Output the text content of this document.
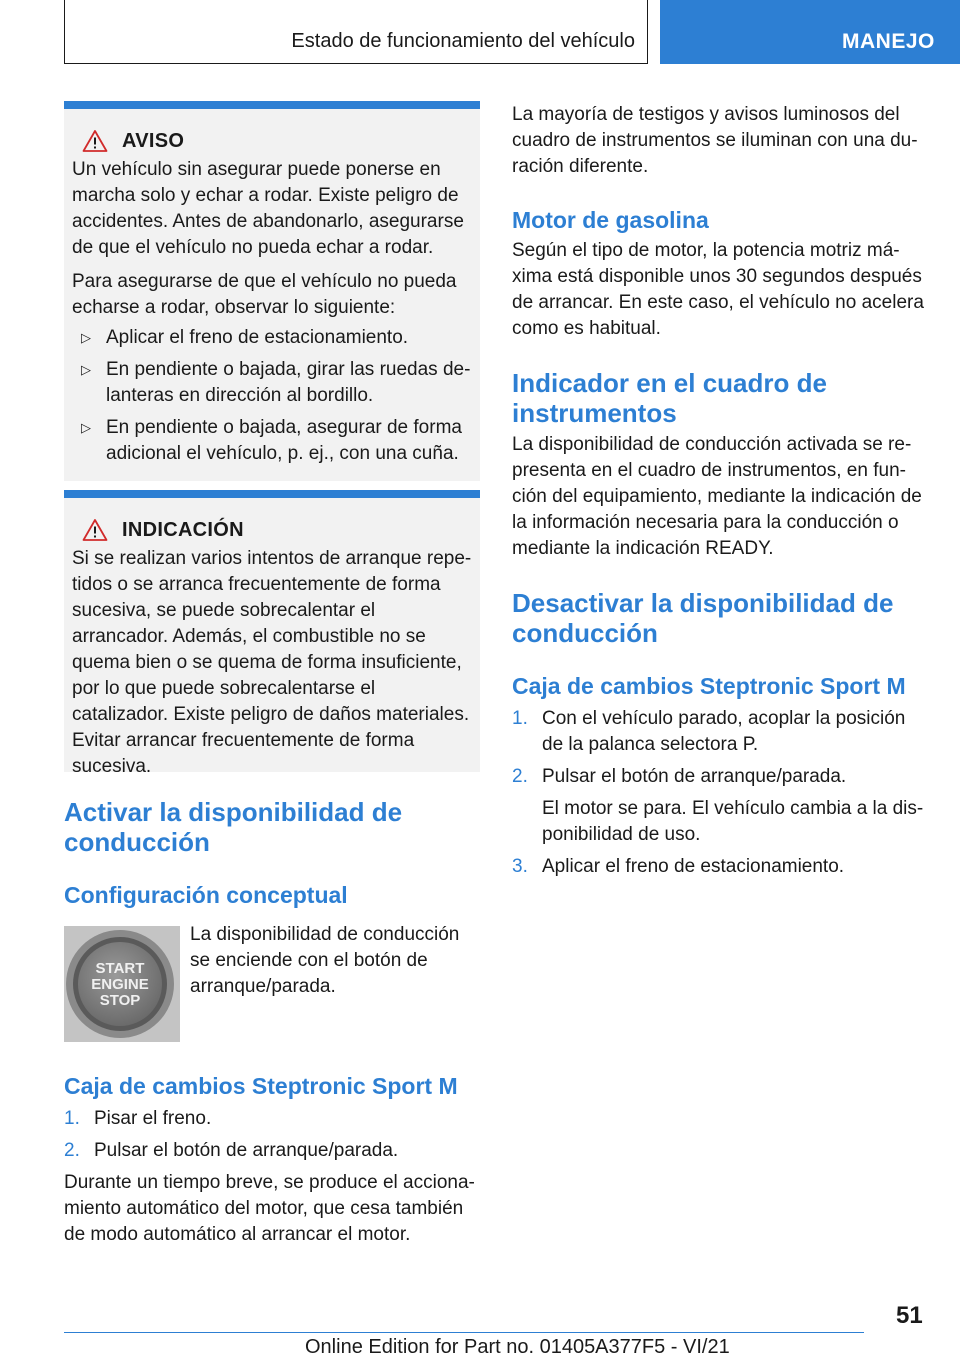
Estado de funcionamiento del vehículo	MANEJO
AVISO

Un vehículo sin asegurar puede ponerse en marcha solo y echar a rodar. Existe peligro de accidentes. Antes de abandonarlo, asegurarse de que el vehículo no pueda echar a rodar.

Para asegurarse de que el vehículo no pueda echarse a rodar, observar lo siguiente:

▷ Aplicar el freno de estacionamiento.
▷ En pendiente o bajada, girar las ruedas delanteras en dirección al bordillo.
▷ En pendiente o bajada, asegurar de forma adicional el vehículo, p. ej., con una cuña.
INDICACIÓN

Si se realizan varios intentos de arranque repetidos o se arranca frecuentemente de forma sucesiva, se puede sobrecalentar el arrancador. Además, el combustible no se quema bien o se quema de forma insuficiente, por lo que puede sobrecalentarse el catalizador. Existe peligro de daños materiales. Evitar arrancar frecuentemente de forma sucesiva.

Activar la disponibilidad de conducción
Configuración conceptual
START
ENGINE
STOP

La disponibilidad de conducción se enciende con el botón de arranque/parada.

Caja de cambios Steptronic Sport M
1. Pisar el freno.
2. Pulsar el botón de arranque/parada.

Durante un tiempo breve, se produce el accionamiento automático del motor, que cesa también de modo automático al arrancar el motor.

La mayoría de testigos y avisos luminosos del cuadro de instrumentos se iluminan con una duración diferente.

Motor de gasolina

Según el tipo de motor, la potencia motriz máxima está disponible unos 30 segundos después de arrancar. En este caso, el vehículo no acelera como es habitual.

Indicador en el cuadro de instrumentos

La disponibilidad de conducción activada se representa en el cuadro de instrumentos, en función del equipamiento, mediante la indicación de la información necesaria para la conducción o mediante la indicación READY.

Desactivar la disponibilidad de conducción
Caja de cambios Steptronic Sport M
1. Con el vehículo parado, acoplar la posición de la palanca selectora P.
2. Pulsar el botón de arranque/parada.
El motor se para. El vehículo cambia a la disponibilidad de uso.
3. Aplicar el freno de estacionamiento.
51
Online Edition for Part no. 01405A377F5 - VI/21
